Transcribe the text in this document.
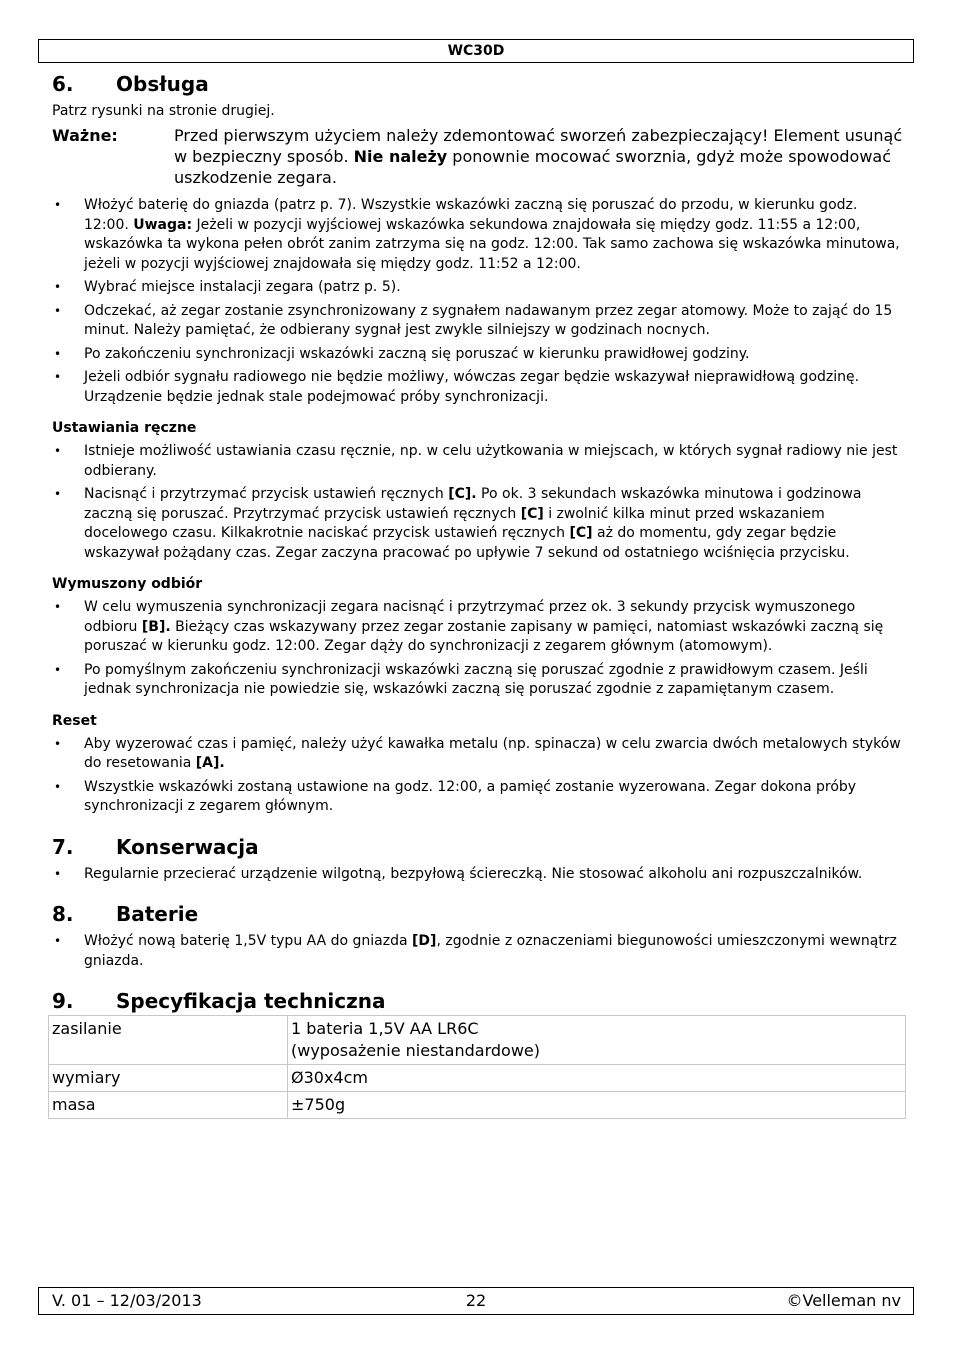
WC30D
6.	Obsługa

Patrz rysunki na stronie drugiej.

Ważne:	Przed pierwszym użyciem należy zdemontować sworzeń zabezpieczający! Element usunąć w bezpieczny sposób. Nie należy ponownie mocować sworznia, gdyż może spowodować uszkodzenie zegara.
• Włożyć baterię do gniazda (patrz p. 7). Wszystkie wskazówki zaczną się poruszać do przodu, w kierunku godz. 12:00. Uwaga: Jeżeli w pozycji wyjściowej wskazówka sekundowa znajdowała się między godz. 11:55 a 12:00, wskazówka ta wykona pełen obrót zanim zatrzyma się na godz. 12:00. Tak samo zachowa się wskazówka minutowa, jeżeli w pozycji wyjściowej znajdowała się między godz. 11:52 a 12:00.
• Wybrać miejsce instalacji zegara (patrz p. 5).
• Odczekać, aż zegar zostanie zsynchronizowany z sygnałem nadawanym przez zegar atomowy. Może to zająć do 15 minut. Należy pamiętać, że odbierany sygnał jest zwykle silniejszy w godzinach nocnych.
• Po zakończeniu synchronizacji wskazówki zaczną się poruszać w kierunku prawidłowej godziny.
• Jeżeli odbiór sygnału radiowego nie będzie możliwy, wówczas zegar będzie wskazywał nieprawidłową godzinę. Urządzenie będzie jednak stale podejmować próby synchronizacji.
Ustawiania ręczne
• Istnieje możliwość ustawiania czasu ręcznie, np. w celu użytkowania w miejscach, w których sygnał radiowy nie jest odbierany.
• Nacisnąć i przytrzymać przycisk ustawień ręcznych [C]. Po ok. 3 sekundach wskazówka minutowa i godzinowa zaczną się poruszać. Przytrzymać przycisk ustawień ręcznych [C] i zwolnić kilka minut przed wskazaniem docelowego czasu. Kilkakrotnie naciskać przycisk ustawień ręcznych [C] aż do momentu, gdy zegar będzie wskazywał pożądany czas. Zegar zaczyna pracować po upływie 7 sekund od ostatniego wciśnięcia przycisku.
Wymuszony odbiór
• W celu wymuszenia synchronizacji zegara nacisnąć i przytrzymać przez ok. 3 sekundy przycisk wymuszonego odbioru [B]. Bieżący czas wskazywany przez zegar zostanie zapisany w pamięci, natomiast wskazówki zaczną się poruszać w kierunku godz. 12:00. Zegar dąży do synchronizacji z zegarem głównym (atomowym).
• Po pomyślnym zakończeniu synchronizacji wskazówki zaczną się poruszać zgodnie z prawidłowym czasem. Jeśli jednak synchronizacja nie powiedzie się, wskazówki zaczną się poruszać zgodnie z zapamiętanym czasem.
Reset
• Aby wyzerować czas i pamięć, należy użyć kawałka metalu (np. spinacza) w celu zwarcia dwóch metalowych styków do resetowania [A].
• Wszystkie wskazówki zostaną ustawione na godz. 12:00, a pamięć zostanie wyzerowana. Zegar dokona próby synchronizacji z zegarem głównym.
7.	Konserwacja
• Regularnie przecierać urządzenie wilgotną, bezpyłową ściereczką. Nie stosować alkoholu ani rozpuszczalników.
8.	Baterie
• Włożyć nową baterię 1,5V typu AA do gniazda [D], zgodnie z oznaczeniami biegunowości umieszczonymi wewnątrz gniazda.
9.	Specyfikacja techniczna
zasilanie	1 bateria 1,5V AA LR6C
(wyposażenie niestandardowe)

wymiary	Ø30x4cm
masa	±750g
V. 01 – 12/03/2013	22	©Velleman nv
